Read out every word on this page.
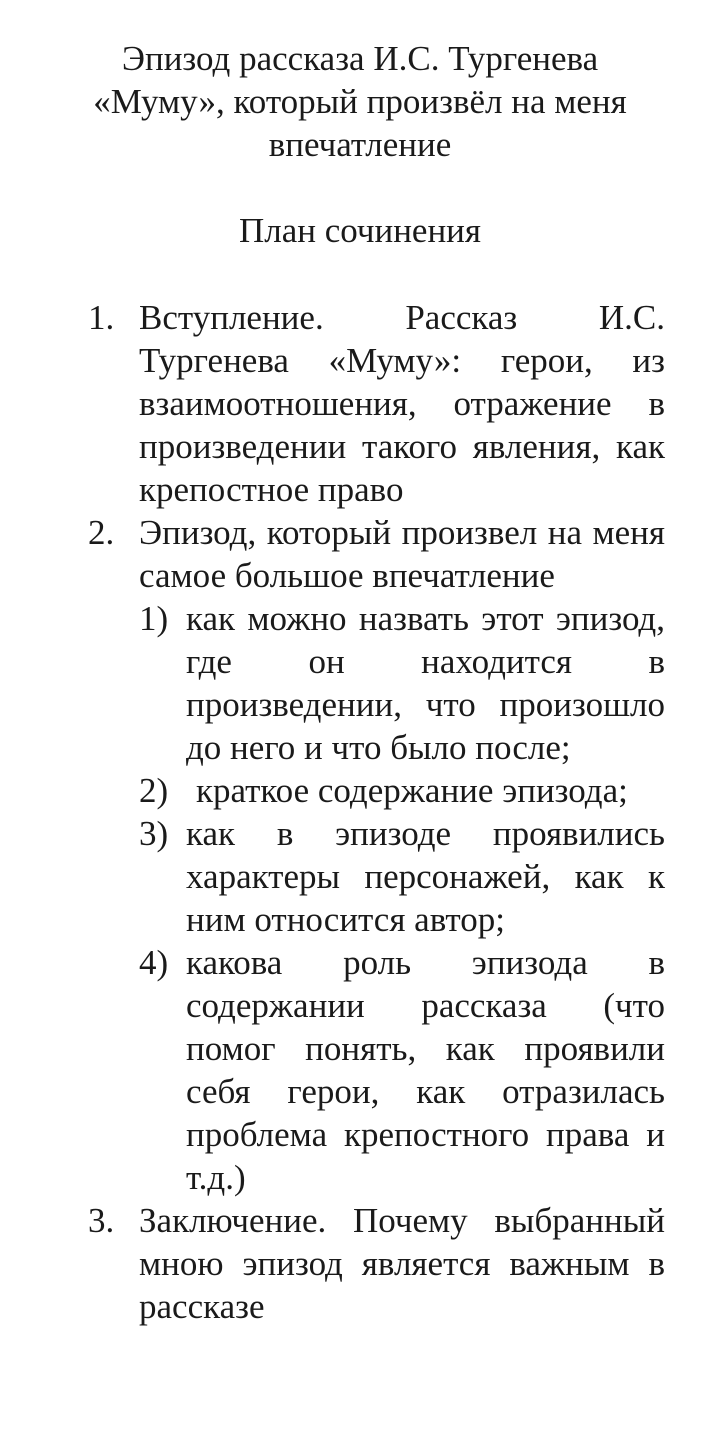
Эпизод рассказа И.С. Тургенева
«Муму», который произвёл на меня
впечатление
План сочинения
1. Вступление. Рассказ И.С. Тургенева «Муму»: герои, из взаимоотношения, отражение в произведении такого явления, как крепостное право
2. Эпизод, который произвел на меня самое большое впечатление
1) как можно назвать этот эпизод, где он находится в произведении, что произошло до него и что было после;
2) краткое содержание эпизода;
3) как в эпизоде проявились характеры персонажей, как к ним относится автор;
4) какова роль эпизода в содержании рассказа (что помог понять, как проявили себя герои, как отразилась проблема крепостного права и т.д.)
3. Заключение. Почему выбранный мною эпизод является важным в рассказе
